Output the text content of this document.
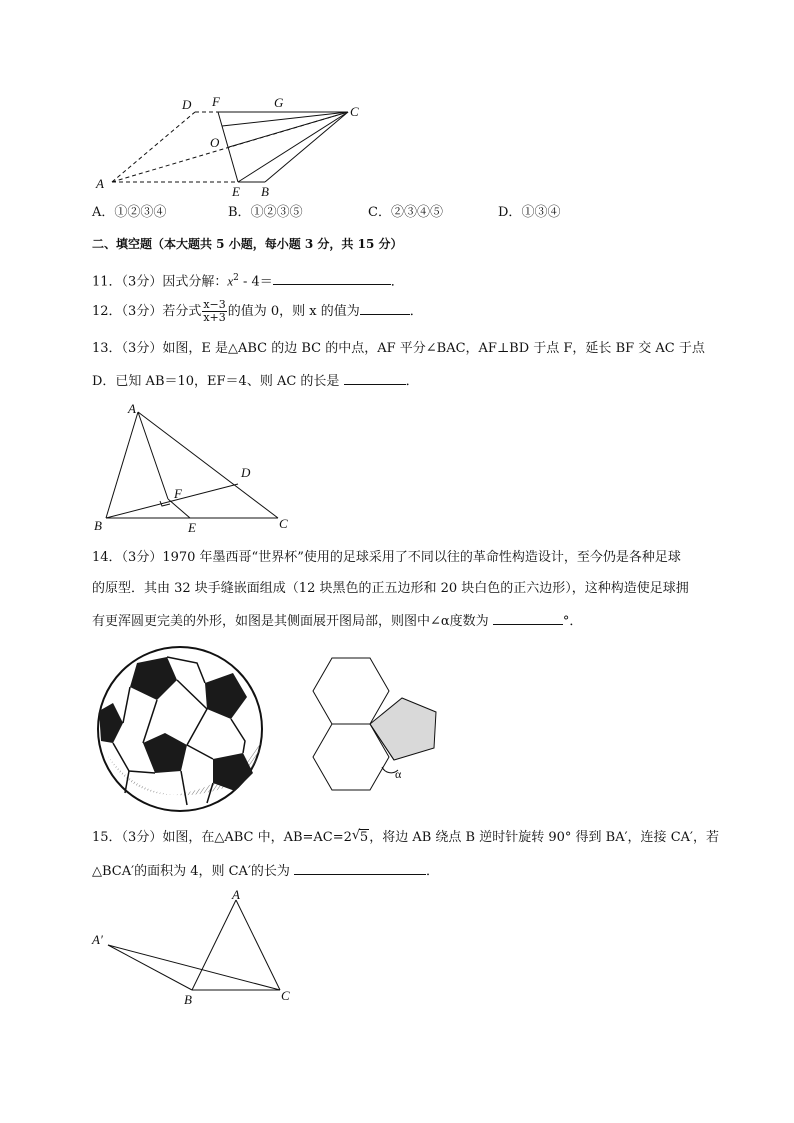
D F	G
C
O
A
E B
A．①②③④	B．①②③⑤	C．②③④⑤	D．①③④
二、填空题（本大题共 5 小题，每小题 3 分，共 15 分）
11．（3分）因式分解：$x^2 - 4=$	．
12．（3分）若分式 $\frac{x-3}{x+3}$ 的值为 0，则 x 的值为	．
13．（3分）如图，E 是△ABC 的边 BC 的中点，AF 平分∠BAC，AF⊥BD 于点 F，延长 BF 交 AC 于点
D．已知 AB＝10，EF＝4、则 AC 的长是	．
A
D
F
B	E	C
14．（3分）1970 年墨西哥“世界杯”使用的足球采用了不同以往的革命性构造设计，至今仍是各种足球
的原型．其由 32 块手缝嵌面组成（12 块黑色的正五边形和 20 块白色的正六边形），这种构造使足球拥
有更浑圆更完美的外形，如图是其侧面展开图局部，则图中∠α度数为	°．
α
15．（3分）如图，在△ABC 中，AB=AC=2 √ 5，将边 AB 绕点 B 逆时针旋转 90° 得到 BA′，连接 CA′，若
△BCA′的面积为 4，则 CA′的长为	．
A
A′
B	C
